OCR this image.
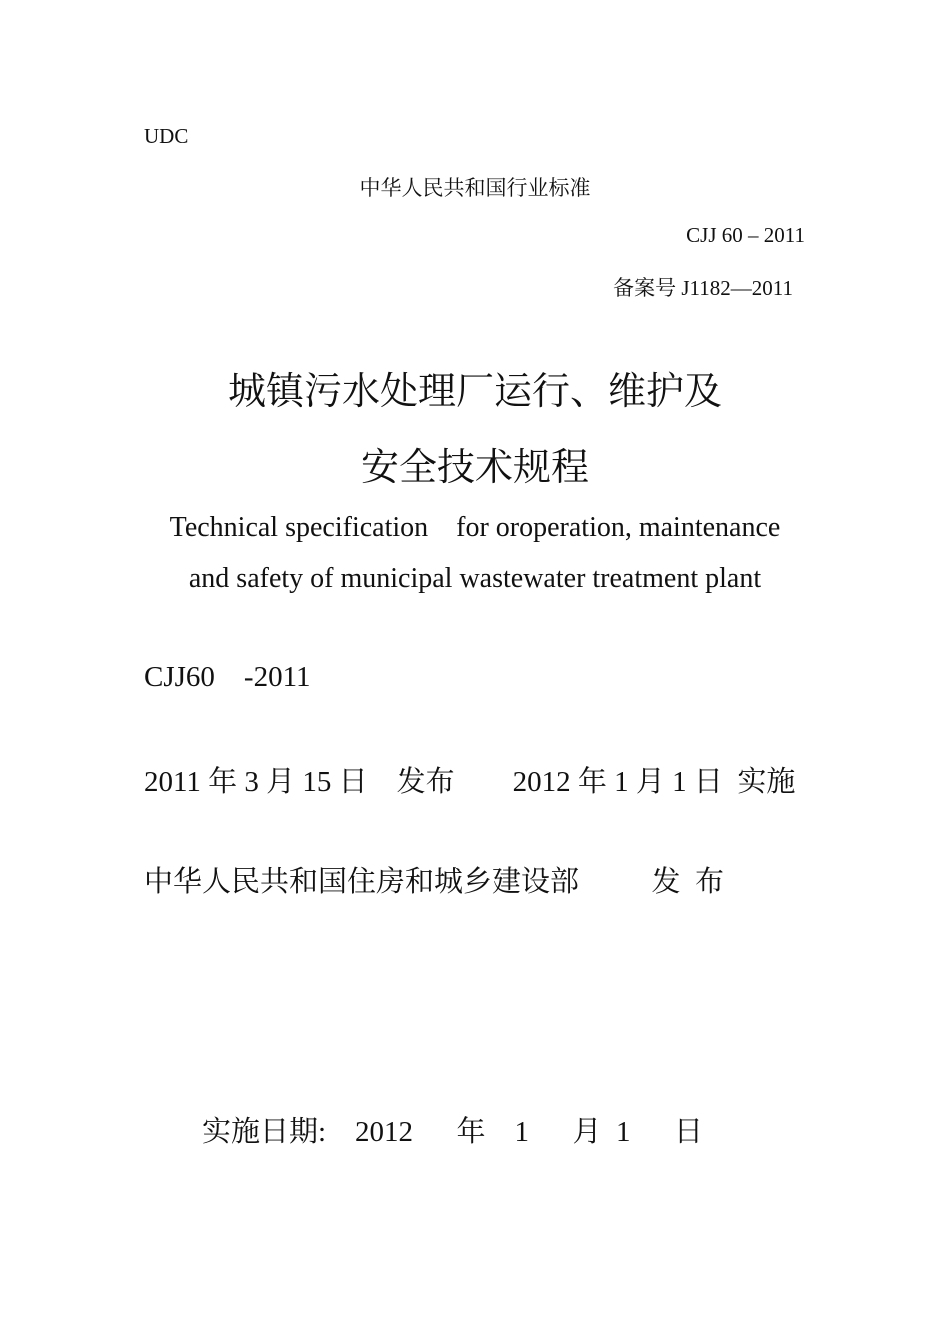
UDC
中华人民共和国行业标准
CJJ 60 – 2011
备案号 J1182—2011
城镇污水处理厂运行、维护及
安全技术规程
Technical specification    for oroperation, maintenance
and safety of municipal wastewater treatment plant
CJJ60    -2011
2011 年 3 月 15 日    发布        2012 年 1 月 1 日  实施
中华人民共和国住房和城乡建设部          发  布
实施日期:    2012      年    1      月  1      日
